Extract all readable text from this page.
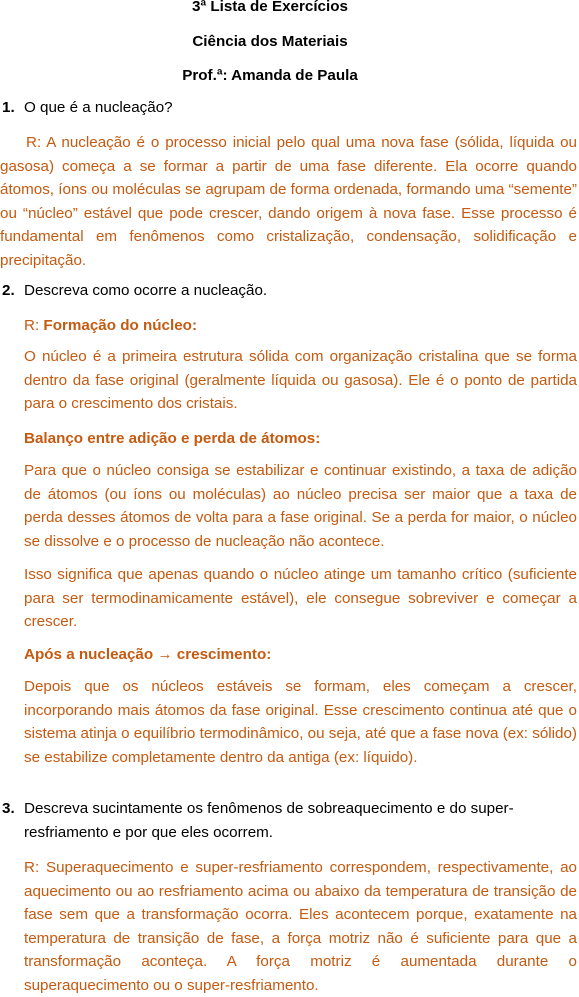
3ª Lista de Exercícios
Ciência dos Materiais
Prof.ª: Amanda de Paula
1. O que é a nucleação?
R: A nucleação é o processo inicial pelo qual uma nova fase (sólida, líquida ou gasosa) começa a se formar a partir de uma fase diferente. Ela ocorre quando átomos, íons ou moléculas se agrupam de forma ordenada, formando uma “semente” ou “núcleo” estável que pode crescer, dando origem à nova fase. Esse processo é fundamental em fenômenos como cristalização, condensação, solidificação e precipitação.
2. Descreva como ocorre a nucleação.
R: Formação do núcleo:
O núcleo é a primeira estrutura sólida com organização cristalina que se forma dentro da fase original (geralmente líquida ou gasosa). Ele é o ponto de partida para o crescimento dos cristais.
Balanço entre adição e perda de átomos:
Para que o núcleo consiga se estabilizar e continuar existindo, a taxa de adição de átomos (ou íons ou moléculas) ao núcleo precisa ser maior que a taxa de perda desses átomos de volta para a fase original. Se a perda for maior, o núcleo se dissolve e o processo de nucleação não acontece.
Isso significa que apenas quando o núcleo atinge um tamanho crítico (suficiente para ser termodinamicamente estável), ele consegue sobreviver e começar a crescer.
Após a nucleação → crescimento:
Depois que os núcleos estáveis se formam, eles começam a crescer, incorporando mais átomos da fase original. Esse crescimento continua até que o sistema atinja o equilíbrio termodinâmico, ou seja, até que a fase nova (ex: sólido) se estabilize completamente dentro da antiga (ex: líquido).
3. Descreva sucintamente os fenômenos de sobreaquecimento e do super-resfriamento e por que eles ocorrem.
R: Superaquecimento e super-resfriamento correspondem, respectivamente, ao aquecimento ou ao resfriamento acima ou abaixo da temperatura de transição de fase sem que a transformação ocorra. Eles acontecem porque, exatamente na temperatura de transição de fase, a força motriz não é suficiente para que a transformação aconteça. A força motriz é aumentada durante o superaquecimento ou o super-resfriamento.
